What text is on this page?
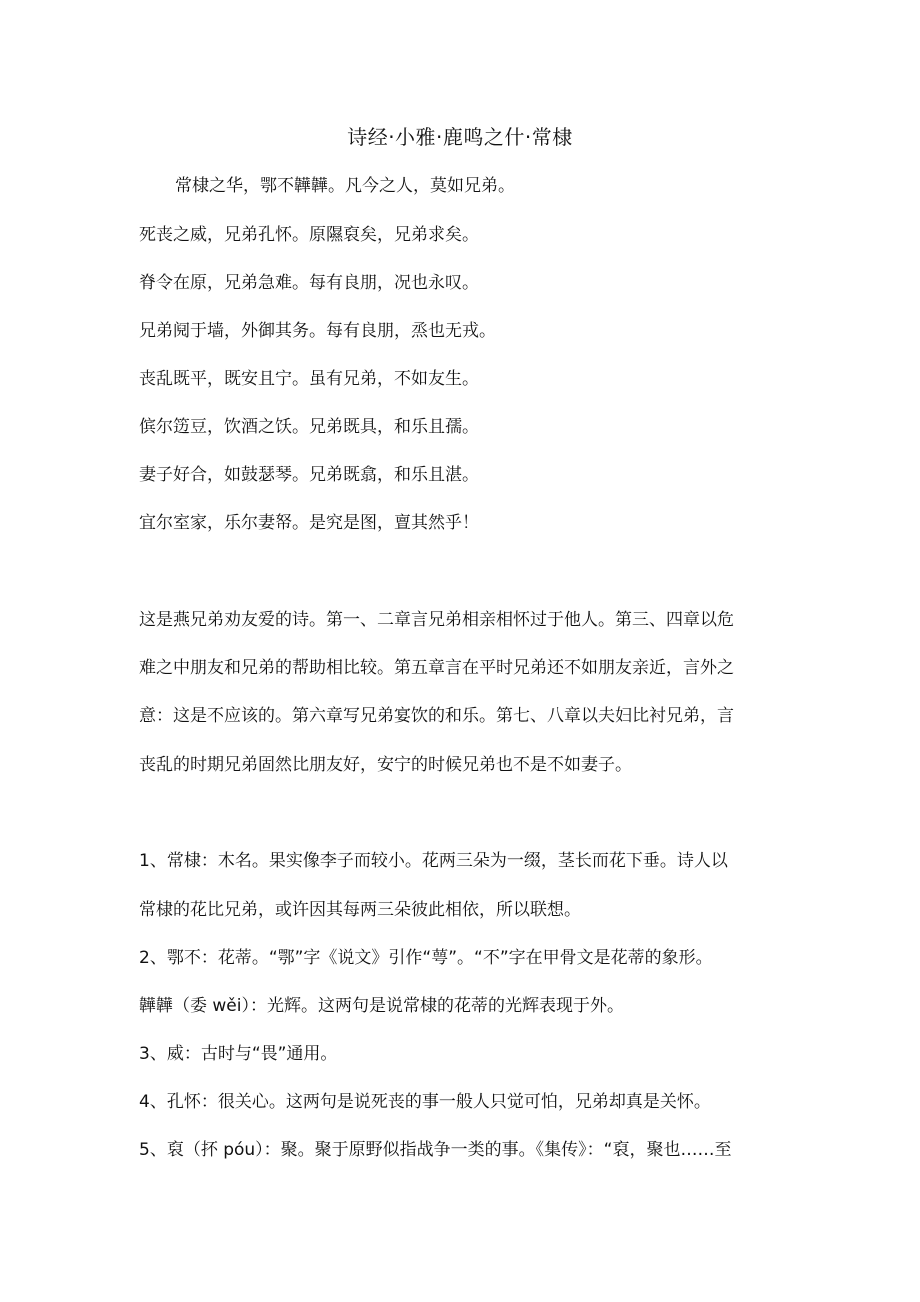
诗经·小雅·鹿鸣之什·常棣
常棣之华，鄂不韡韡。凡今之人，莫如兄弟。
死丧之威，兄弟孔怀。原隰裒矣，兄弟求矣。
脊令在原，兄弟急难。每有良朋，况也永叹。
兄弟阋于墙，外御其务。每有良朋，烝也无戎。
丧乱既平，既安且宁。虽有兄弟，不如友生。
傧尔笾豆，饮酒之饫。兄弟既具，和乐且孺。
妻子好合，如鼓瑟琴。兄弟既翕，和乐且湛。
宜尔室家，乐尔妻帑。是究是图，亶其然乎！
这是燕兄弟劝友爱的诗。第一、二章言兄弟相亲相怀过于他人。第三、四章以危
难之中朋友和兄弟的帮助相比较。第五章言在平时兄弟还不如朋友亲近，言外之
意：这是不应该的。第六章写兄弟宴饮的和乐。第七、八章以夫妇比衬兄弟，言
丧乱的时期兄弟固然比朋友好，安宁的时候兄弟也不是不如妻子。
1、常棣：木名。果实像李子而较小。花两三朵为一缀，茎长而花下垂。诗人以
常棣的花比兄弟，或许因其每两三朵彼此相依，所以联想。
2、鄂不：花蒂。“鄂”字《说文》引作“萼”。“不”字在甲骨文是花蒂的象形。
韡韡（委 wěi）：光辉。这两句是说常棣的花蒂的光辉表现于外。
3、威：古时与“畏”通用。
4、孔怀：很关心。这两句是说死丧的事一般人只觉可怕，兄弟却真是关怀。
5、裒（抔 póu）：聚。聚于原野似指战争一类的事。《集传》：“裒，聚也……至
